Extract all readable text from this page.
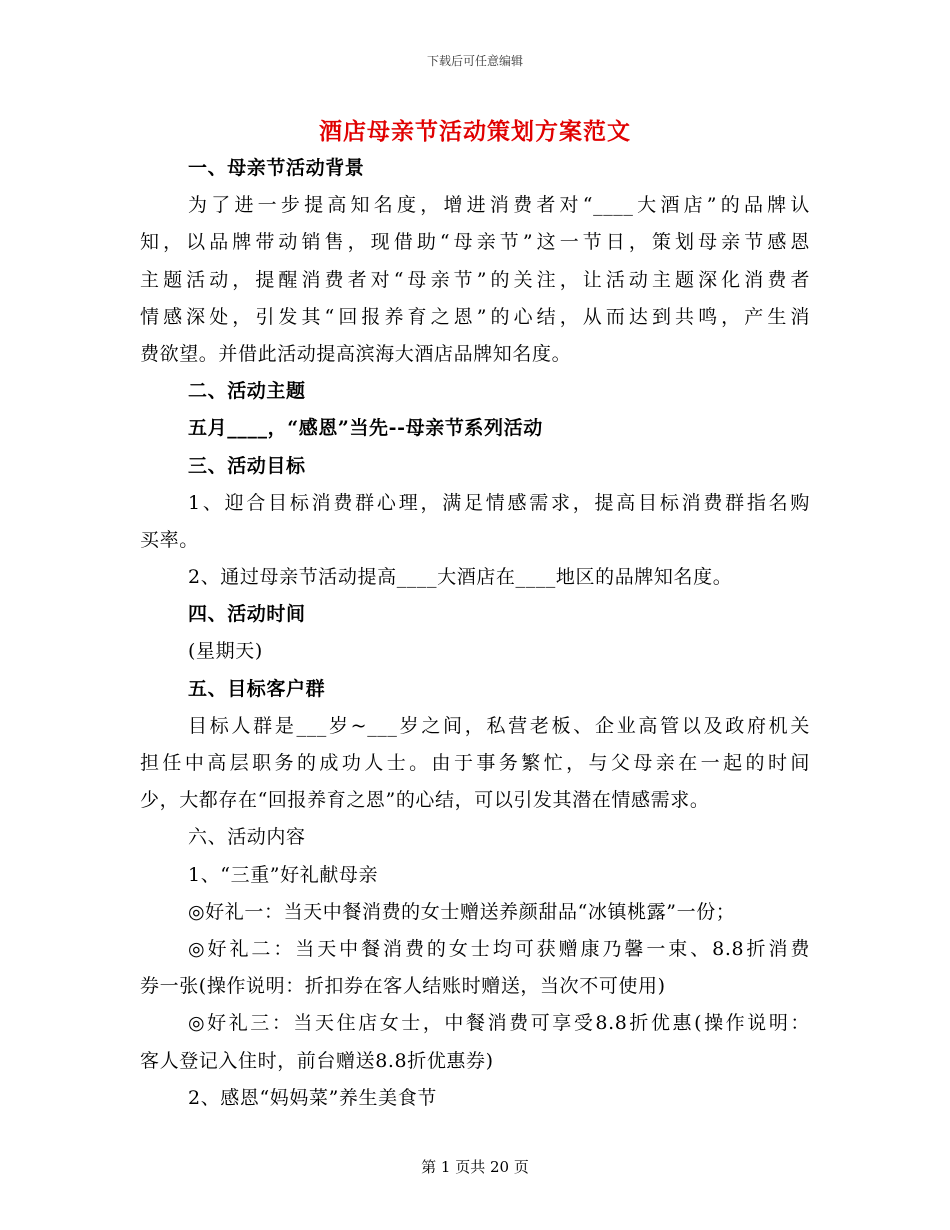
下载后可任意编辑
酒店母亲节活动策划方案范文
一、母亲节活动背景
为了进一步提高知名度，增进消费者对“____大酒店”的品牌认
知，以品牌带动销售，现借助“母亲节”这一节日，策划母亲节感恩
主题活动，提醒消费者对“母亲节”的关注，让活动主题深化消费者
情感深处，引发其“回报养育之恩”的心结，从而达到共鸣，产生消
费欲望。并借此活动提高滨海大酒店品牌知名度。
二、活动主题
五月____，“感恩”当先--母亲节系列活动
三、活动目标
1、迎合目标消费群心理，满足情感需求，提高目标消费群指名购
买率。
2、通过母亲节活动提高____大酒店在____地区的品牌知名度。
四、活动时间
(星期天)
五、目标客户群
目标人群是___岁~___岁之间，私营老板、企业高管以及政府机关
担任中高层职务的成功人士。由于事务繁忙，与父母亲在一起的时间
少，大都存在“回报养育之恩”的心结，可以引发其潜在情感需求。
六、活动内容
1、“三重”好礼献母亲
◎好礼一：当天中餐消费的女士赠送养颜甜品“冰镇桃露”一份；
◎好礼二：当天中餐消费的女士均可获赠康乃馨一束、8.8折消费
券一张(操作说明：折扣券在客人结账时赠送，当次不可使用)
◎好礼三：当天住店女士，中餐消费可享受8.8折优惠(操作说明：
客人登记入住时，前台赠送8.8折优惠券)
2、感恩“妈妈菜”养生美食节
第 1 页共 20 页
